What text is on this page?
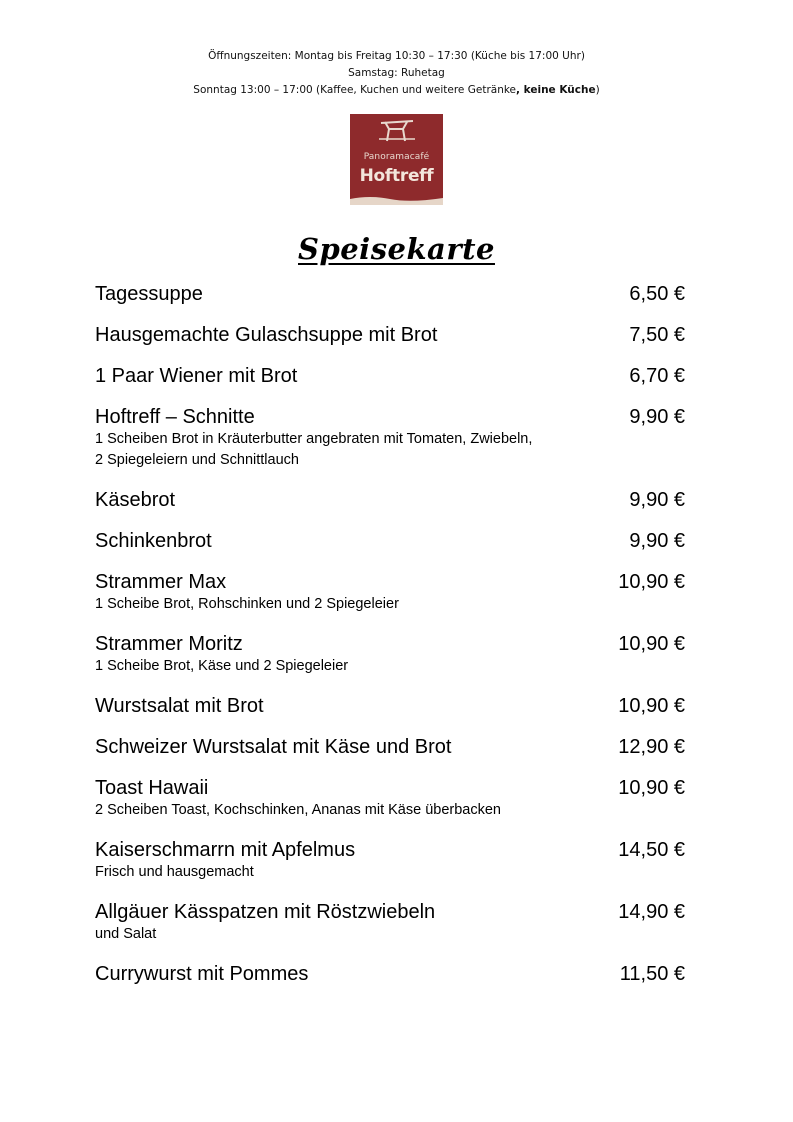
Öffnungszeiten: Montag bis Freitag 10:30 – 17:30 (Küche bis 17:00 Uhr)
Samstag: Ruhetag
Sonntag 13:00 – 17:00 (Kaffee, Kuchen und weitere Getränke, keine Küche)
Panoramacafé
Hoftreff
Speisekarte
Tagessuppe	6,50 €
Hausgemachte Gulaschsuppe mit Brot	7,50 €
1 Paar Wiener mit Brot	6,70 €
Hoftreff – Schnitte	9,90 €
1 Scheiben Brot in Kräuterbutter angebraten mit Tomaten, Zwiebeln,
2 Spiegeleiern und Schnittlauch
Käsebrot	9,90 €
Schinkenbrot	9,90 €
Strammer Max	10,90 €
1 Scheibe Brot, Rohschinken und 2 Spiegeleier
Strammer Moritz	10,90 €
1 Scheibe Brot, Käse und 2 Spiegeleier
Wurstsalat mit Brot	10,90 €
Schweizer Wurstsalat mit Käse und Brot	12,90 €
Toast Hawaii	10,90 €
2 Scheiben Toast, Kochschinken, Ananas mit Käse überbacken
Kaiserschmarrn mit Apfelmus	14,50 €
Frisch und hausgemacht
Allgäuer Kässpatzen mit Röstzwiebeln	14,90 €
und Salat
Currywurst mit Pommes	11,50 €
